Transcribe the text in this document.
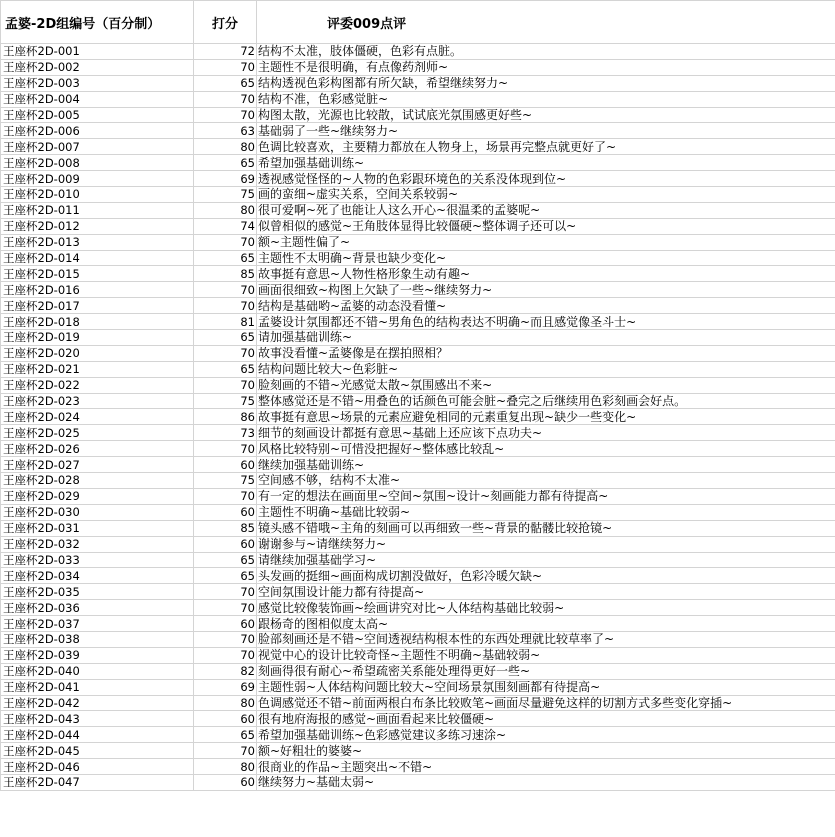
孟婆-2D组编号（百分制）	打分	评委009点评
王座杯2D-001	72	结构不太准，肢体僵硬，色彩有点脏。
王座杯2D-002	70	主题性不是很明确，有点像药剂师~
王座杯2D-003	65	结构透视色彩构图都有所欠缺，希望继续努力~
王座杯2D-004	70	结构不准，色彩感觉脏~
王座杯2D-005	70	构图太散，光源也比较散，试试底光氛围感更好些~
王座杯2D-006	63	基础弱了一些~继续努力~
王座杯2D-007	80	色调比较喜欢，主要精力都放在人物身上，场景再完整点就更好了~
王座杯2D-008	65	希望加强基础训练~
王座杯2D-009	69	透视感觉怪怪的~人物的色彩跟环境色的关系没体现到位~
王座杯2D-010	75	画的蛮细~虚实关系，空间关系较弱~
王座杯2D-011	80	很可爱啊~死了也能让人这么开心~很温柔的孟婆呢~
王座杯2D-012	74	似曾相似的感觉~王角肢体显得比较僵硬~整体调子还可以~
王座杯2D-013	70	额~主题性偏了~
王座杯2D-014	65	主题性不太明确~背景也缺少变化~
王座杯2D-015	85	故事挺有意思~人物性格形象生动有趣~
王座杯2D-016	70	画面很细致~构图上欠缺了一些~继续努力~
王座杯2D-017	70	结构是基础哟~孟婆的动态没看懂~
王座杯2D-018	81	孟婆设计氛围都还不错~男角色的结构表达不明确~而且感觉像圣斗士~
王座杯2D-019	65	请加强基础训练~
王座杯2D-020	70	故事没看懂~孟婆像是在摆拍照相？
王座杯2D-021	65	结构问题比较大~色彩脏~
王座杯2D-022	70	脸刻画的不错~光感觉太散~氛围感出不来~
王座杯2D-023	75	整体感觉还是不错~用叠色的话颜色可能会脏~叠完之后继续用色彩刻画会好点。
王座杯2D-024	86	故事挺有意思~场景的元素应避免相同的元素重复出现~缺少一些变化~
王座杯2D-025	73	细节的刻画设计都挺有意思~基础上还应该下点功夫~
王座杯2D-026	70	风格比较特别~可惜没把握好~整体感比较乱~
王座杯2D-027	60	继续加强基础训练~
王座杯2D-028	75	空间感不够，结构不太准~
王座杯2D-029	70	有一定的想法在画面里~空间~氛围~设计~刻画能力都有待提高~
王座杯2D-030	60	主题性不明确~基础比较弱~
王座杯2D-031	85	镜头感不错哦~主角的刻画可以再细致一些~背景的骷髅比较抢镜~
王座杯2D-032	60	谢谢参与~请继续努力~
王座杯2D-033	65	请继续加强基础学习~
王座杯2D-034	65	头发画的挺细~画面构成切割没做好，色彩冷暖欠缺~
王座杯2D-035	70	空间氛围设计能力都有待提高~
王座杯2D-036	70	感觉比较像装饰画~绘画讲究对比~人体结构基础比较弱~
王座杯2D-037	60	跟杨奇的图相似度太高~
王座杯2D-038	70	脸部刻画还是不错~空间透视结构根本性的东西处理就比较草率了~
王座杯2D-039	70	视觉中心的设计比较奇怪~主题性不明确~基础较弱~
王座杯2D-040	82	刻画得很有耐心~希望疏密关系能处理得更好一些~
王座杯2D-041	69	主题性弱~人体结构问题比较大~空间场景氛围刻画都有待提高~
王座杯2D-042	80	色调感觉还不错~前面两根白布条比较败笔~画面尽量避免这样的切割方式多些变化穿插~
王座杯2D-043	60	很有地府海报的感觉~画面看起来比较僵硬~
王座杯2D-044	65	希望加强基础训练~色彩感觉建议多练习速涂~
王座杯2D-045	70	额~好粗壮的婆婆~
王座杯2D-046	80	很商业的作品~主题突出~不错~
王座杯2D-047	60	继续努力~基础太弱~
